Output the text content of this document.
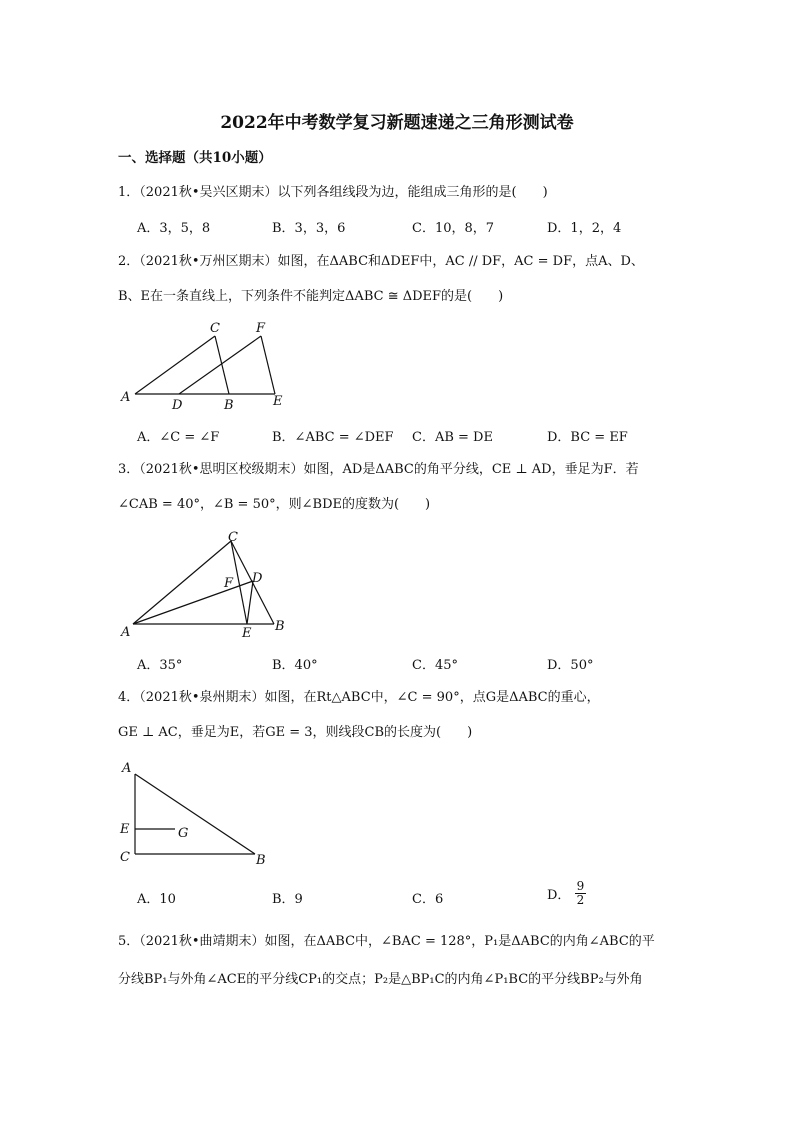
2022年中考数学复习新题速递之三角形测试卷
一、选择题（共10小题）
1．（2021秋•吴兴区期末）以下列各组线段为边，能组成三角形的是(　　)
A．3，5，8	B．3，3，6	C．10，8，7	D．1，2，4
2．（2021秋•万州区期末）如图，在ΔABC和ΔDEF中，AC // DF，AC = DF，点A、D、
B、E在一条直线上，下列条件不能判定ΔABC ≅ ΔDEF的是(　　)
A
D	B	E
C	F
A．∠C = ∠F	B．∠ABC = ∠DEF C．AB = DE	D．BC = EF
3．（2021秋•思明区校级期末）如图，AD是ΔABC的角平分线，CE ⊥ AD，垂足为F．若
∠CAB = 40°，∠B = 50°，则∠BDE的度数为(　　)
A	B
C
D
E
F
A．35°	B．40°	C．45°	D．50°
4．（2021秋•泉州期末）如图，在Rt△ABC中，∠C = 90°，点G是ΔABC的重心，
GE ⊥ AC，垂足为E，若GE = 3，则线段CB的长度为(　　)
A
E	G
C	B
A．10	B．9	C．6	D． $\frac{9}{2}$
5．（2021秋•曲靖期末）如图，在ΔABC中，∠BAC = 128°，P₁是ΔABC的内角∠ABC的平
分线BP₁与外角∠ACE的平分线CP₁的交点；P₂是△BP₁C的内角∠P₁BC的平分线BP₂与外角
